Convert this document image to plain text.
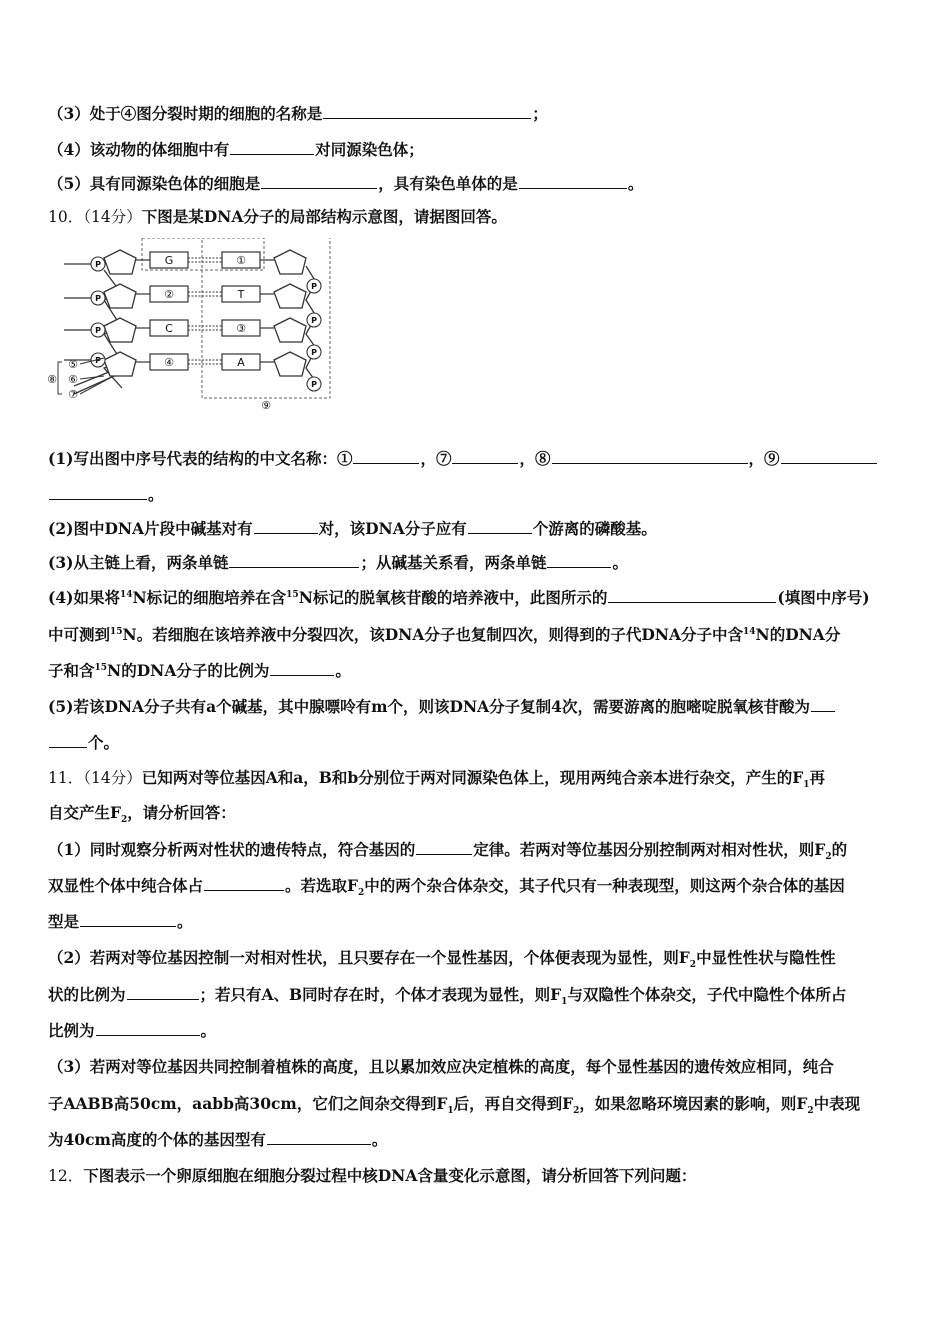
（3）处于④图分裂时期的细胞的名称是	；
（4）该动物的体细胞中有	对同源染色体；
（5）具有同源染色体的细胞是	，具有染色单体的是	。
10．（14分）下图是某DNA分子的局部结构示意图，请据图回答。
G	①
②	T
C	③
④	A
P
P
P
P
P
P
P
P
⑤
⑥
⑦
⑧
⑨
(1)写出图中序号代表的结构的中文名称：①	，⑦	，⑧	，⑨
。
(2)图中DNA片段中碱基对有	对，该DNA分子应有	个游离的磷酸基。
(3)从主链上看，两条单链	；从碱基关系看，两条单链	。
(4)如果将$^{14}$N标记的细胞培养在含$^{15}$N标记的脱氧核苷酸的培养液中，此图所示的	(填图中序号)
中可测到$^{15}$N。若细胞在该培养液中分裂四次，该DNA分子也复制四次，则得到的子代DNA分子中含$^{14}$N的DNA分
子和含$^{15}$N的DNA分子的比例为	。
(5)若该DNA分子共有a个碱基，其中腺嘌呤有m个，则该DNA分子复制4次，需要游离的胞嘧啶脱氧核苷酸为
个。
11．（14分）已知两对等位基因A和a，B和b分别位于两对同源染色体上，现用两纯合亲本进行杂交，产生的$F_1$再
自交产生$F_2$，请分析回答：
（1）同时观察分析两对性状的遗传特点，符合基因的	定律。若两对等位基因分别控制两对相对性状，则$F_2$的
双显性个体中纯合体占	。若选取$F_2$中的两个杂合体杂交，其子代只有一种表现型，则这两个杂合体的基因
型是	。
（2）若两对等位基因控制一对相对性状，且只要存在一个显性基因，个体便表现为显性，则$F_2$中显性性状与隐性性
状的比例为	；若只有A、B同时存在时，个体才表现为显性，则$F_1$与双隐性个体杂交，子代中隐性个体所占
比例为	。
（3）若两对等位基因共同控制着植株的高度，且以累加效应决定植株的高度，每个显性基因的遗传效应相同，纯合
子AABB高50cm，aabb高30cm，它们之间杂交得到$F_1$后，再自交得到$F_2$，如果忽略环境因素的影响，则$F_2$中表现
为40cm高度的个体的基因型有	。
12．下图表示一个卵原细胞在细胞分裂过程中核DNA含量变化示意图，请分析回答下列问题：
